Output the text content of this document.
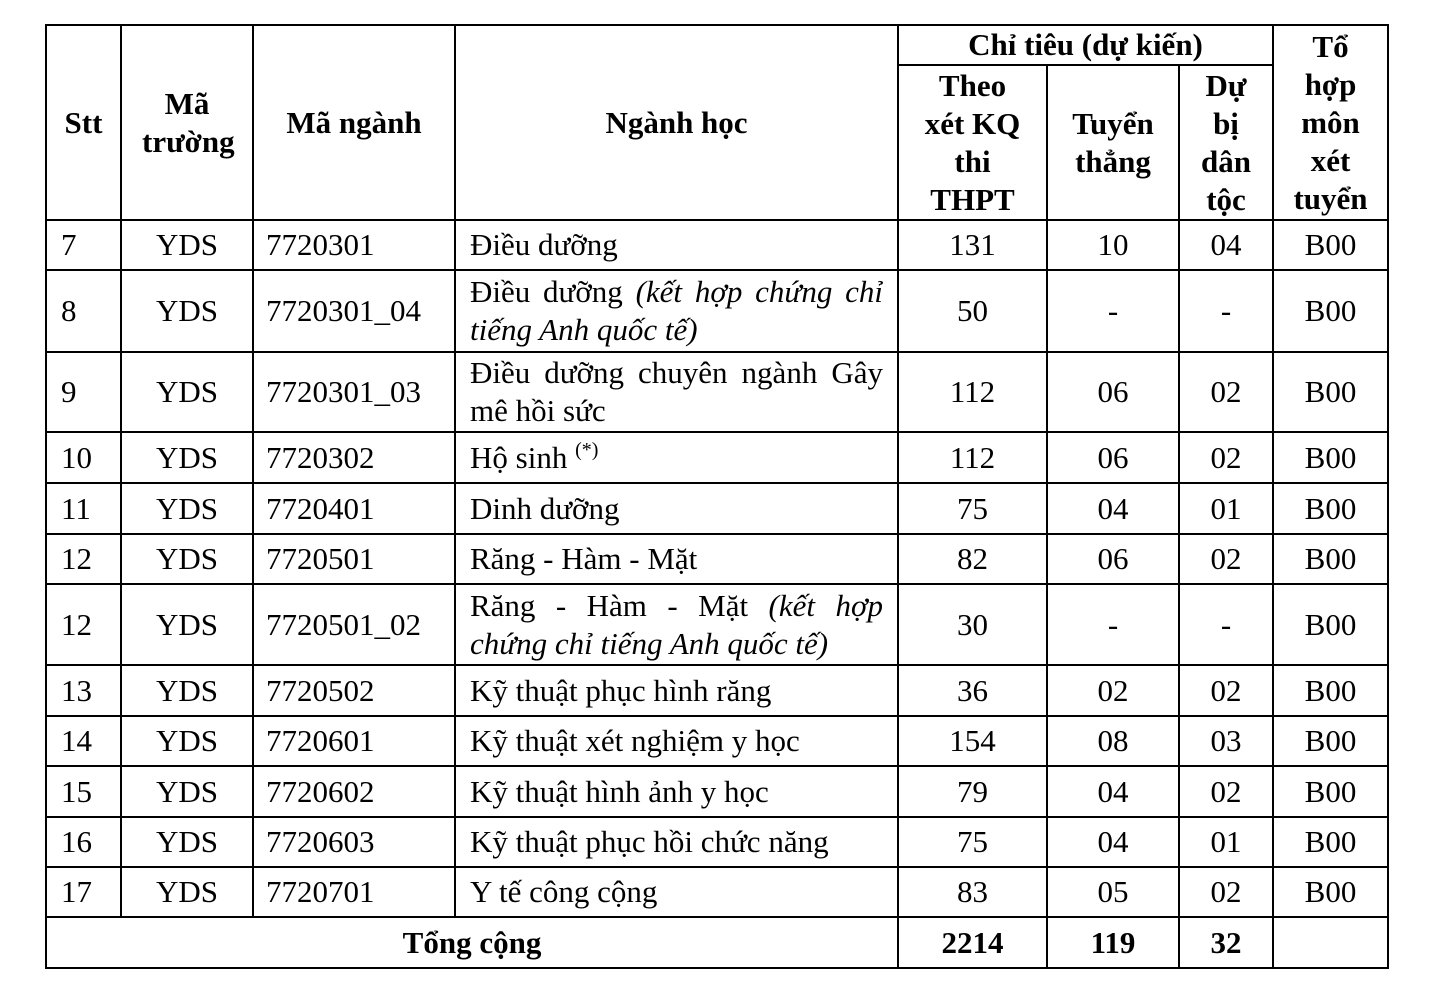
Stt	Mã trường	Mã ngành	Ngành học	Chỉ tiêu (dự kiến)			Tổ hợp môn xét tuyển

				Theo xét KQ thi THPT	Tuyển thẳng	Dự bị dân tộc	

7	YDS	7720301	Điều dưỡng	131	10	04	B00
8	YDS	7720301_04	Điều dưỡng (kết hợp chứng chỉ tiếng Anh quốc tế)	50	-	-	B00
9	YDS	7720301_03	Điều dưỡng chuyên ngành Gây mê hồi sức	112	06	02	B00
10	YDS	7720302	Hộ sinh (*)	112	06	02	B00
11	YDS	7720401	Dinh dưỡng	75	04	01	B00
12	YDS	7720501	Răng - Hàm - Mặt	82	06	02	B00
12	YDS	7720501_02	Răng - Hàm - Mặt (kết hợp chứng chỉ tiếng Anh quốc tế)	30	-	-	B00
13	YDS	7720502	Kỹ thuật phục hình răng	36	02	02	B00
14	YDS	7720601	Kỹ thuật xét nghiệm y học	154	08	03	B00
15	YDS	7720602	Kỹ thuật hình ảnh y học	79	04	02	B00
16	YDS	7720603	Kỹ thuật phục hồi chức năng	75	04	01	B00
17	YDS	7720701	Y tế công cộng	83	05	02	B00
Tổng cộng				2214	119	32	
